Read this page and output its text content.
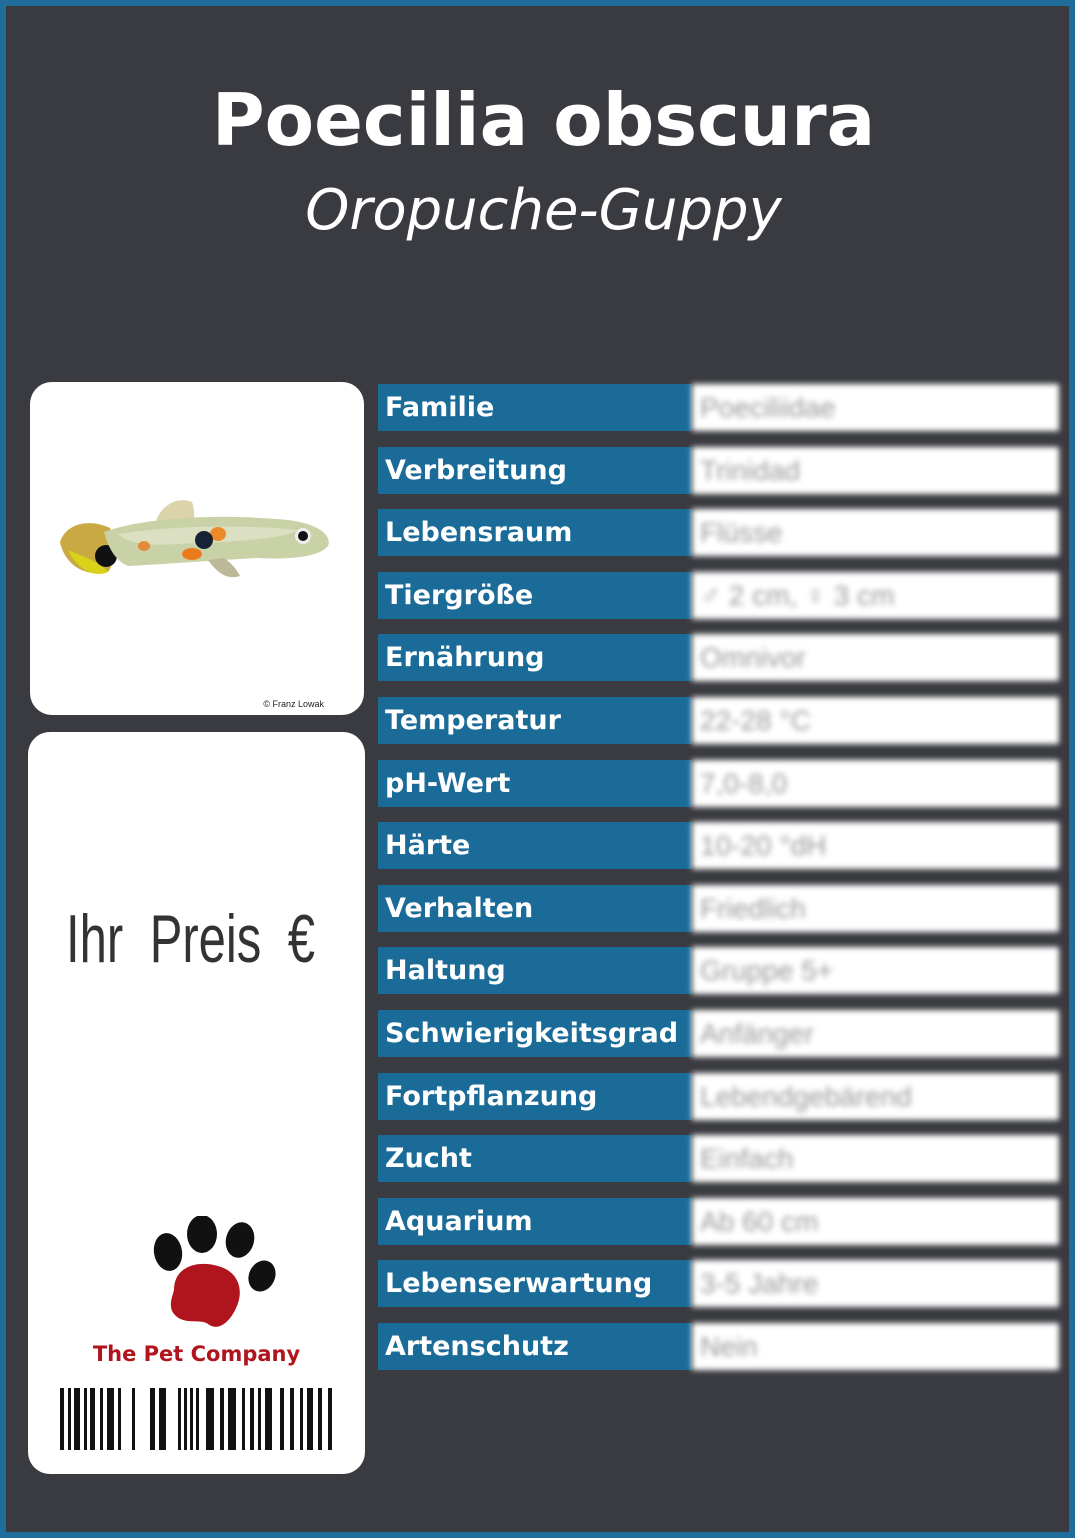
Poecilia obscura
Oropuche-Guppy
© Franz Lowak
Ihr Preis €
The Pet Company
Familie	Poeciliidae
Verbreitung	Trinidad
Lebensraum	Flüsse
Tiergröße	♂ 2 cm, ♀ 3 cm
Ernährung	Omnivor
Temperatur	22-28 °C
pH-Wert	7,0-8,0
Härte	10-20 °dH
Verhalten	Friedlich
Haltung	Gruppe 5+
Schwierigkeitsgrad Anfänger
Fortpflanzung	Lebendgebärend
Zucht	Einfach
Aquarium	Ab 60 cm
Lebenserwartung	3-5 Jahre
Artenschutz	Nein
